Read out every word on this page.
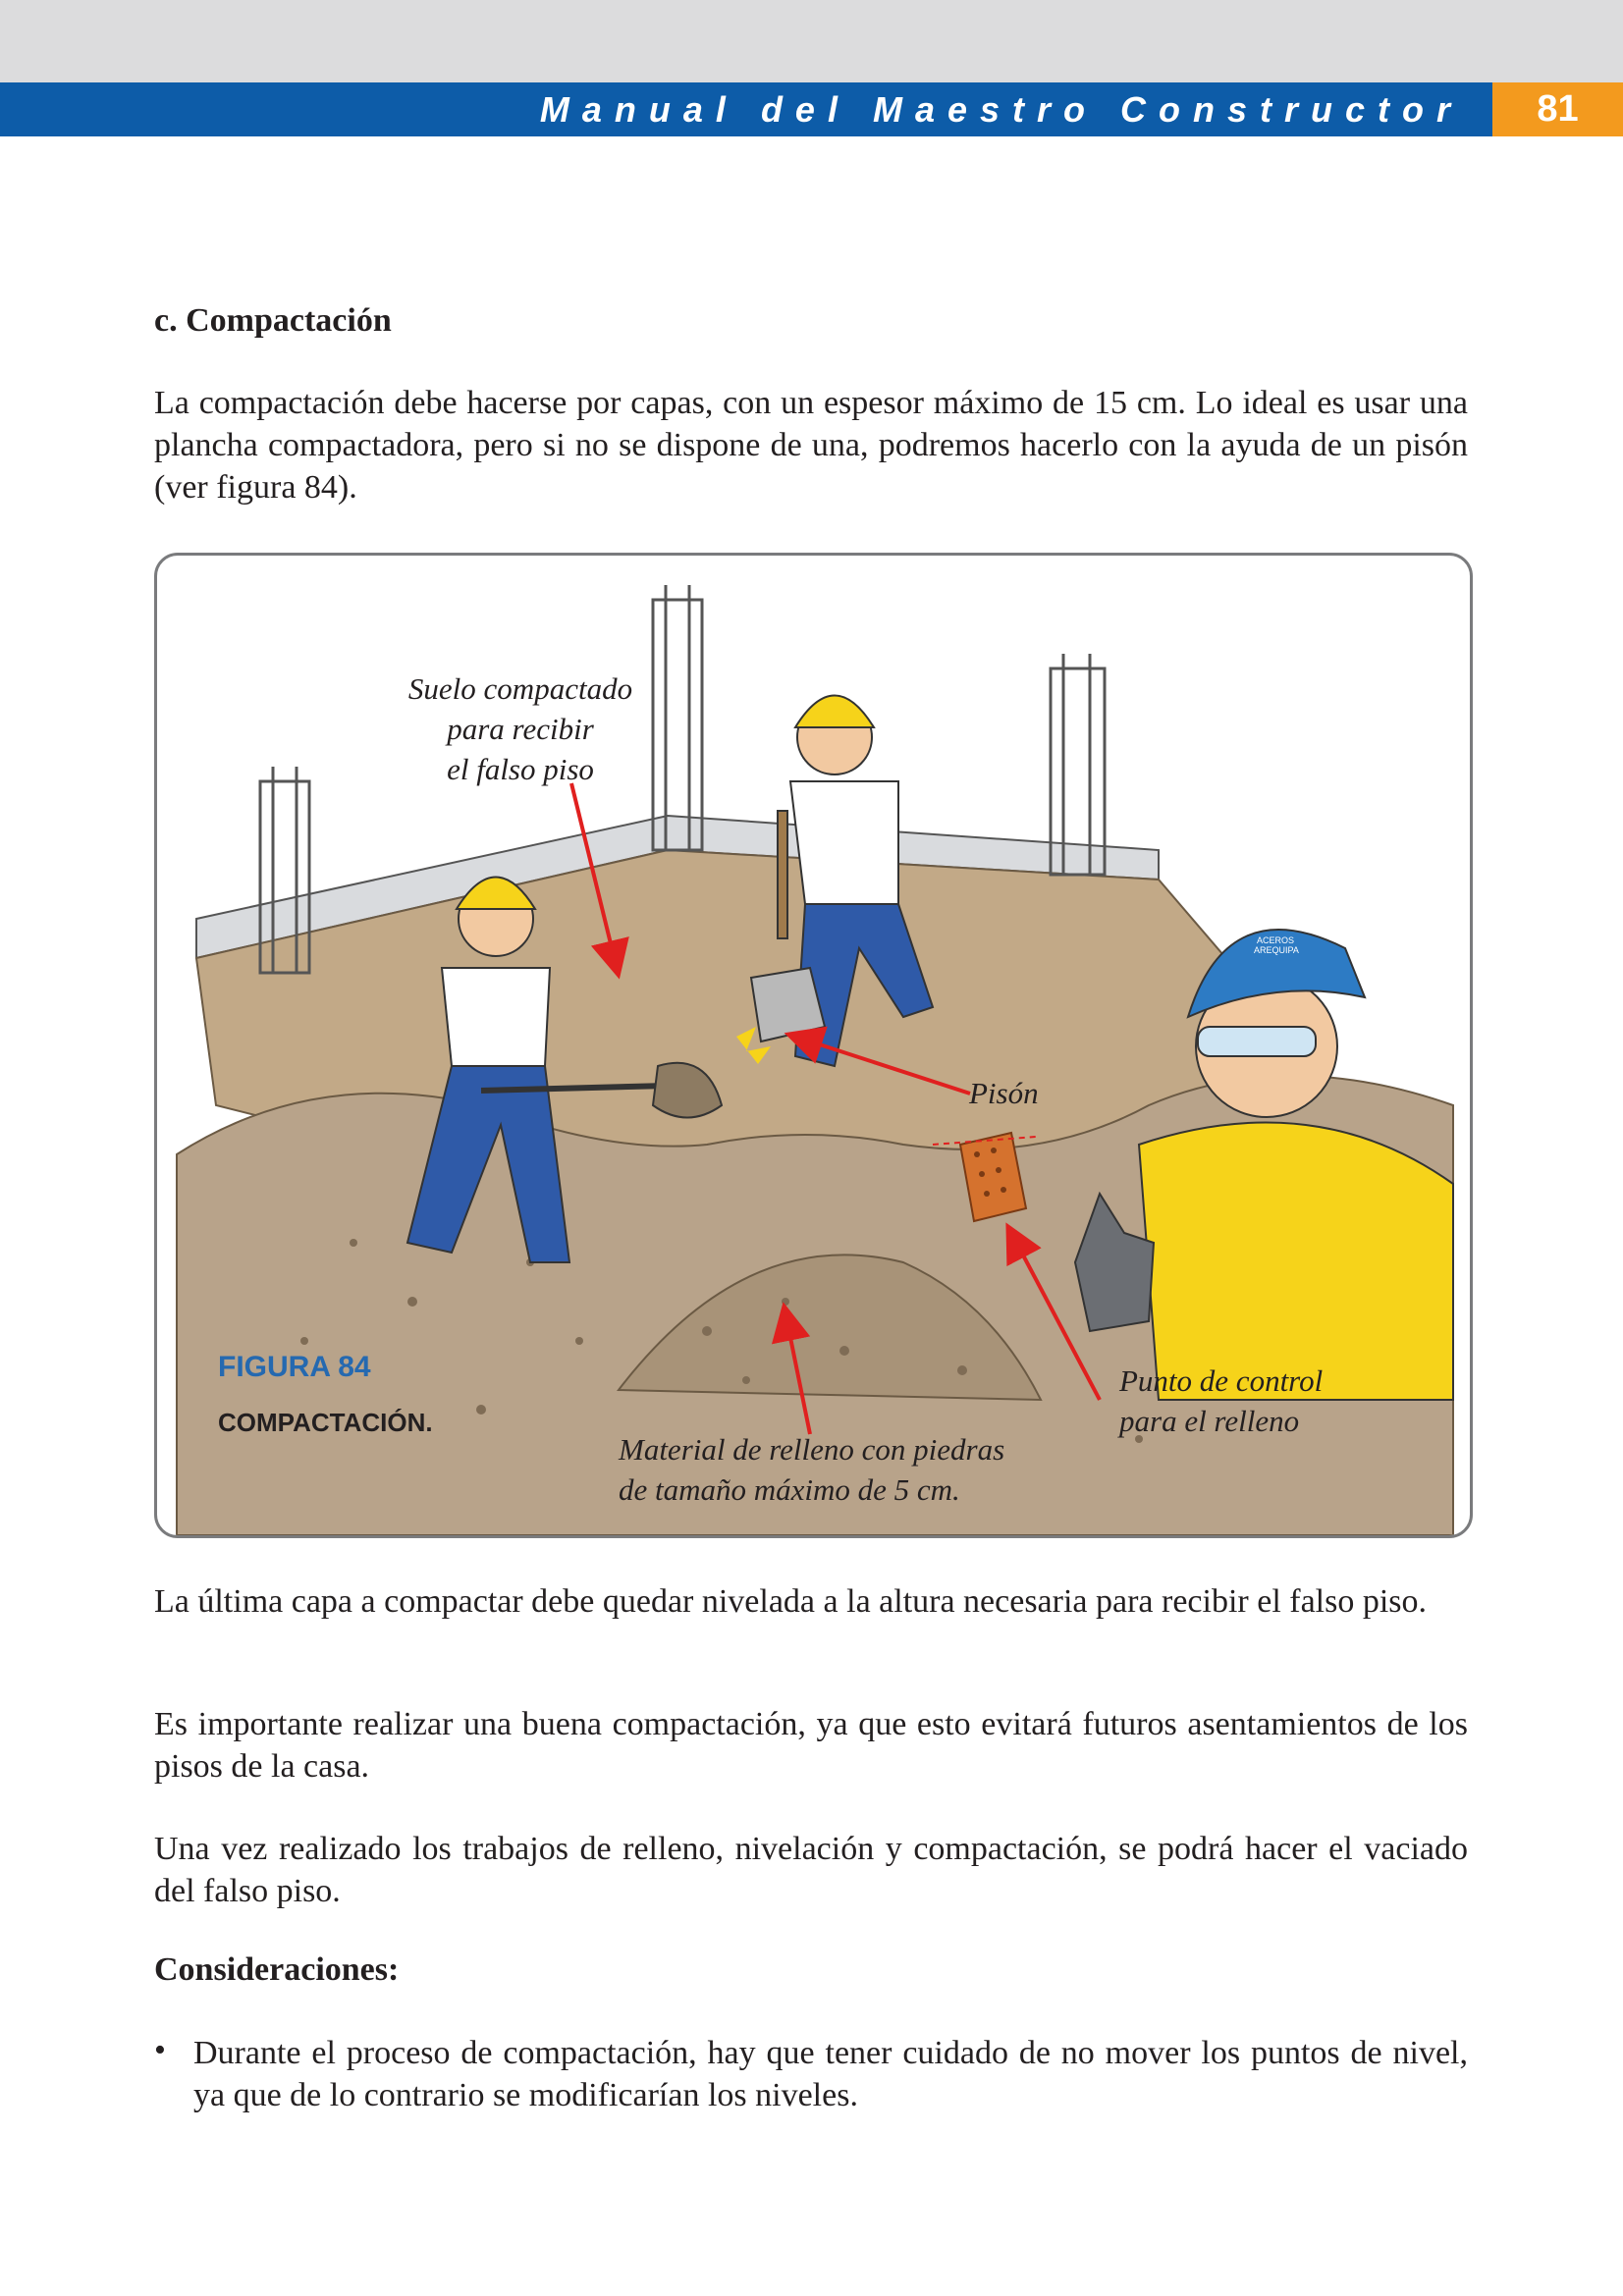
Manual del Maestro Constructor	81
c. Compactación

La compactación debe hacerse por capas, con un espesor máximo de 15 cm. Lo ideal es usar una plancha compactadora, pero si no se dispone de una, podremos hacerlo con la ayuda de un pisón (ver figura 84).

ACEROS
AREQUIPA
Suelo compactado
para recibir
el falso piso
Pisón
Material de relleno con piedras
de tamaño máximo de 5 cm.
Punto de control
para el relleno
FIGURA 84
COMPACTACIÓN.

La última capa a compactar debe quedar nivelada a la altura necesaria para recibir el falso piso.

Es importante realizar una buena compactación, ya que esto evitará futuros asentamientos de los pisos de la casa.

Una vez realizado los trabajos de relleno, nivelación y compactación, se podrá hacer el vaciado del falso piso.

Consideraciones:
• Durante el proceso de compactación, hay que tener cuidado de no mover los puntos de nivel, ya que de lo contrario se modificarían los niveles.
